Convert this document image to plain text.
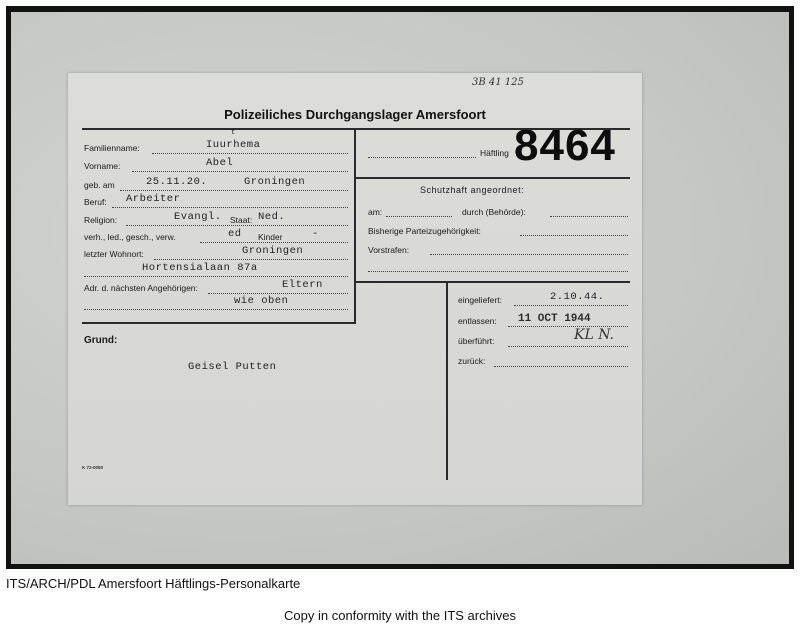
3B 41 125
Polizeiliches Durchgangslager Amersfoort
Häftling 8464
Familienname:	Iuurhema
t
Vorname:	Abel
geb. am	25.11.20.	Groningen
Beruf: Arbeiter
Religion:	Evangl. Staat: Ned.
verh., led., gesch., verw.	ed Kinder	-
letzter Wohnort:	Groningen
Hortensialaan 87a
Adr. d. nächsten Angehörigen:	Eltern
wie oben
Schutzhaft angeordnet:
am:	durch (Behörde):
Bisherige Parteizugehörigkeit:
Vorstrafen:
eingeliefert:	2.10.44.
entlassen: 11 OCT 1944
überführt:	KL N.
zurück:
Grund:
Geisel Putten
K 72-0050
ITS/ARCH/PDL Amersfoort Häftlings-Personalkarte
Copy in conformity with the ITS archives
